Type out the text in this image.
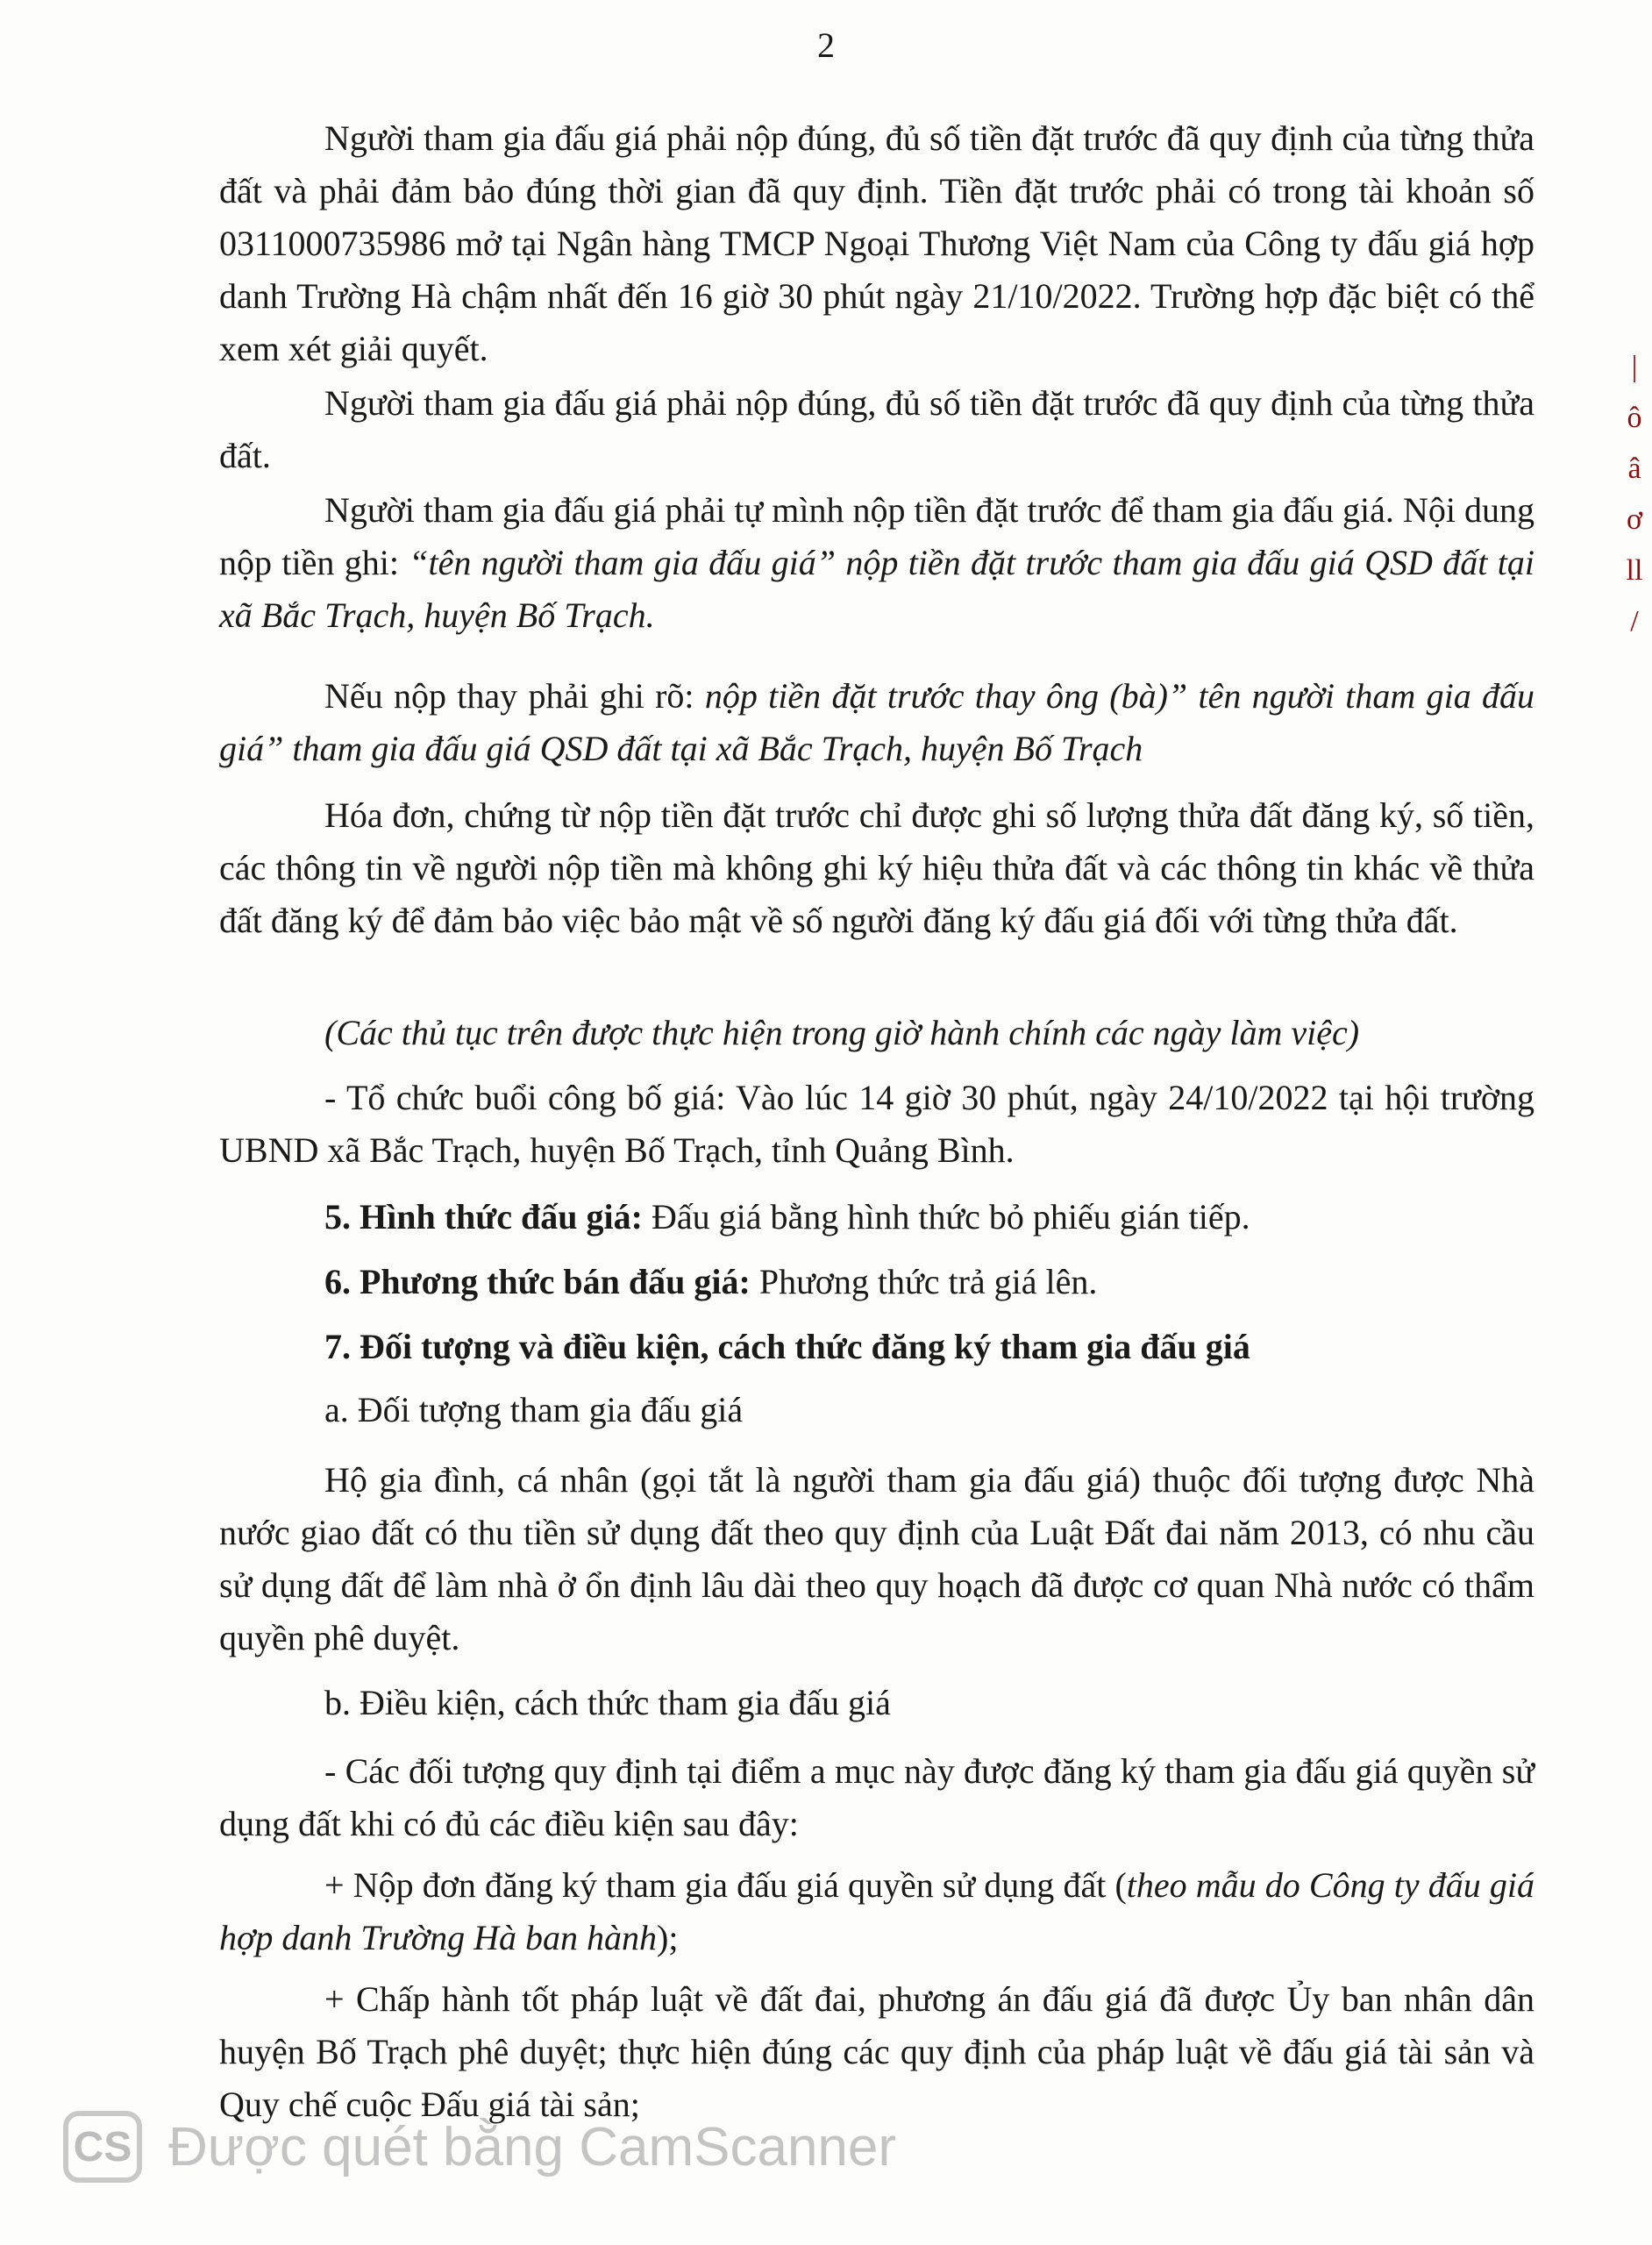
2
Người tham gia đấu giá phải nộp đúng, đủ số tiền đặt trước đã quy định của từng thửa đất và phải đảm bảo đúng thời gian đã quy định. Tiền đặt trước phải có trong tài khoản số 0311000735986 mở tại Ngân hàng TMCP Ngoại Thương Việt Nam của Công ty đấu giá hợp danh Trường Hà chậm nhất đến 16 giờ 30 phút ngày 21/10/2022. Trường hợp đặc biệt có thể xem xét giải quyết.
Người tham gia đấu giá phải nộp đúng, đủ số tiền đặt trước đã quy định của từng thửa đất.
Người tham gia đấu giá phải tự mình nộp tiền đặt trước để tham gia đấu giá. Nội dung nộp tiền ghi: “tên người tham gia đấu giá” nộp tiền đặt trước tham gia đấu giá QSD đất tại xã Bắc Trạch, huyện Bố Trạch.
Nếu nộp thay phải ghi rõ: nộp tiền đặt trước thay ông (bà)” tên người tham gia đấu giá” tham gia đấu giá QSD đất tại xã Bắc Trạch, huyện Bố Trạch
Hóa đơn, chứng từ nộp tiền đặt trước chỉ được ghi số lượng thửa đất đăng ký, số tiền, các thông tin về người nộp tiền mà không ghi ký hiệu thửa đất và các thông tin khác về thửa đất đăng ký để đảm bảo việc bảo mật về số người đăng ký đấu giá đối với từng thửa đất.
(Các thủ tục trên được thực hiện trong giờ hành chính các ngày làm việc)
- Tổ chức buổi công bố giá: Vào lúc 14 giờ 30 phút, ngày 24/10/2022 tại hội trường UBND xã Bắc Trạch, huyện Bố Trạch, tỉnh Quảng Bình.
5. Hình thức đấu giá: Đấu giá bằng hình thức bỏ phiếu gián tiếp.
6. Phương thức bán đấu giá: Phương thức trả giá lên.
7. Đối tượng và điều kiện, cách thức đăng ký tham gia đấu giá
a. Đối tượng tham gia đấu giá
Hộ gia đình, cá nhân (gọi tắt là người tham gia đấu giá) thuộc đối tượng được Nhà nước giao đất có thu tiền sử dụng đất theo quy định của Luật Đất đai năm 2013, có nhu cầu sử dụng đất để làm nhà ở ổn định lâu dài theo quy hoạch đã được cơ quan Nhà nước có thẩm quyền phê duyệt.
b. Điều kiện, cách thức tham gia đấu giá
- Các đối tượng quy định tại điểm a mục này được đăng ký tham gia đấu giá quyền sử dụng đất khi có đủ các điều kiện sau đây:
+ Nộp đơn đăng ký tham gia đấu giá quyền sử dụng đất (theo mẫu do Công ty đấu giá hợp danh Trường Hà ban hành);
+ Chấp hành tốt pháp luật về đất đai, phương án đấu giá đã được Ủy ban nhân dân huyện Bố Trạch phê duyệt; thực hiện đúng các quy định của pháp luật về đấu giá tài sản và Quy chế cuộc Đấu giá tài sản;
|
ô
â
ơ
ll
/
CS Được quét bằng CamScanner
